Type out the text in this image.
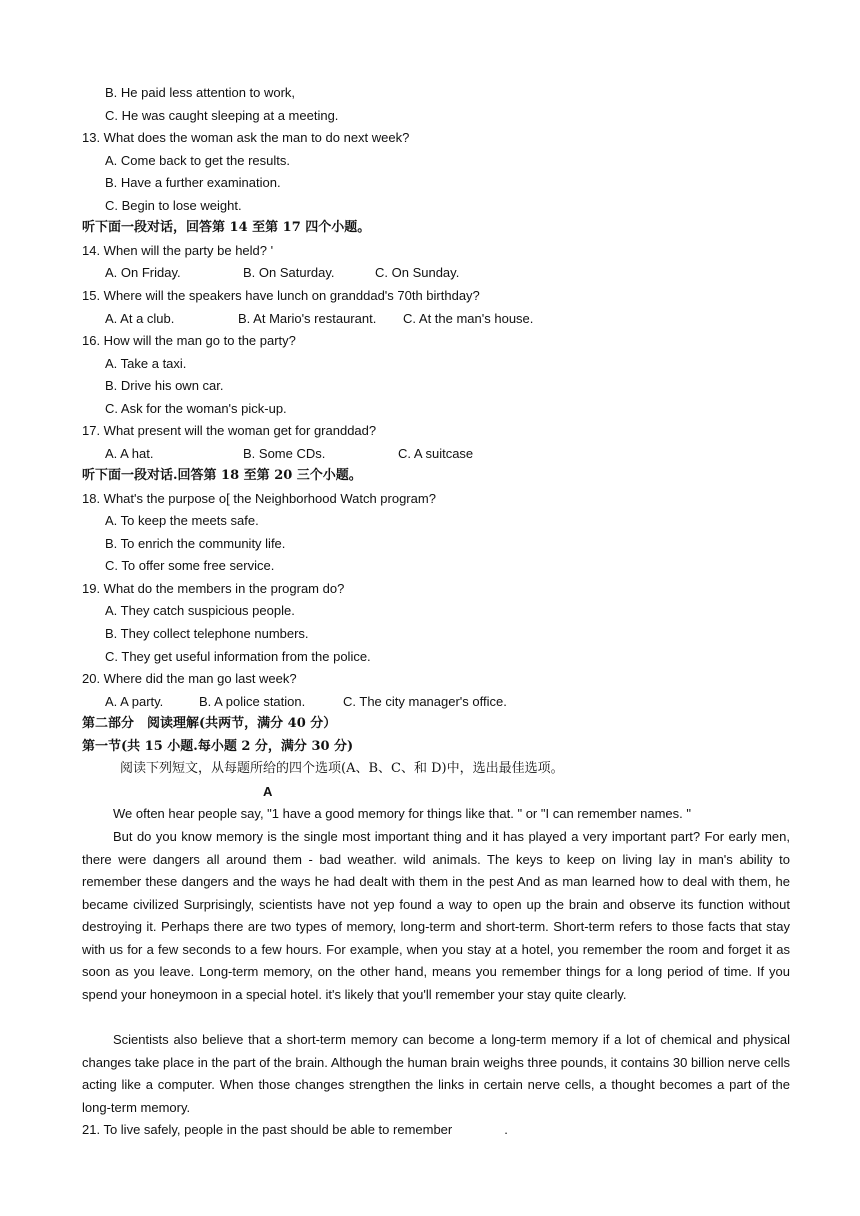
B. He paid less attention to work,
C. He was caught sleeping at a meeting.
13. What does the woman ask the man to do next week?
A. Come back to get the results.
B. Have a further examination.
C. Begin to lose weight.
听下面一段对话，回答第 14 至第 17 四个小题。
14. When will the party be held? '
A. On Friday.	B. On Saturday.	C. On Sunday.
15. Where will the speakers have lunch on granddad's 70th birthday?
A. At a club.	B. At Mario's restaurant. C. At the man's house.
16. How will the man go to the party?
A. Take a taxi.
B. Drive his own car.
C. Ask for the woman's pick-up.
17. What present will the woman get for granddad?
A. A hat.	B. Some CDs.	C. A suitcase
听下面一段对话.回答第 18 至第 20 三个小题。
18. What's the purpose o[ the Neighborhood Watch program?
A. To keep the meets safe.
B. To enrich the community life.
C. To offer some free service.
19. What do the members in the program do?
A. They catch suspicious people.
B. They collect telephone numbers.
C. They get useful information from the police.
20. Where did the man go last week?
A. A party.	B. A police station.	C. The city manager's office.
第二部分　阅读理解(共两节，满分 40 分）
第一节(共 15 小题.每小题 2 分，满分 30 分)
阅读下列短文，从每题所给的四个选项(A、B、C、和 D)中，选出最佳选项。
A
We often hear people say, "1 have a good memory for things like that. " or "I can remember names. "
But do you know memory is the single most important thing and it has played a very important part? For early men, there were dangers all around them - bad weather. wild animals. The keys to keep on living lay in man's ability to remember these dangers and the ways he had dealt with them in the pest And as man learned how to deal with them, he became civilized Surprisingly, scientists have not yep found a way to open up the brain and observe its function without destroying it. Perhaps there are two types of memory, long-term and short-term. Short-term refers to those facts that stay with us for a few seconds to a few hours. For example, when you stay at a hotel, you remember the room and forget it as soon as you leave. Long-term memory, on the other hand, means you remember things for a long period of time. If you spend your honeymoon in a special hotel. it's likely that you'll remember your stay quite clearly.
Scientists also believe that a short-term memory can become a long-term memory if a lot of chemical and physical changes take place in the part of the brain. Although the human brain weighs three pounds, it contains 30 billion nerve cells acting like a computer. When those changes strengthen the links in certain nerve cells, a thought becomes a part of the long-term memory.
21. To live safely, people in the past should be able to remember	.
